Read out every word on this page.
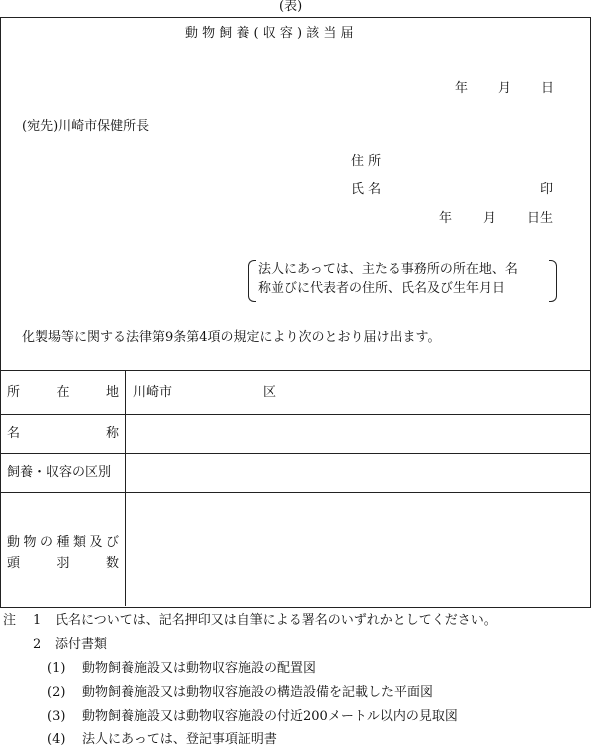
(表)
動 物 飼 養 ( 収 容 ) 該 当 届
年 月 日
(宛先)川崎市保健所長
住 所
氏 名	印
年 月 日生
法人にあっては、主たる事務所の所在地、名
称並びに代表者の住所、氏名及び生年月日
化製場等に関する法律第9条第4項の規定により次のとおり届け出ます。
所 在 地 川崎市	区
名 称
飼養・収容の区別
動物の種類及び
頭 羽 数
注 1 氏名については、記名押印又は自筆による署名のいずれかとしてください。
2 添付書類
(1) 動物飼養施設又は動物収容施設の配置図
(2) 動物飼養施設又は動物収容施設の構造設備を記載した平面図
(3) 動物飼養施設又は動物収容施設の付近200メートル以内の見取図
(4) 法人にあっては、登記事項証明書
